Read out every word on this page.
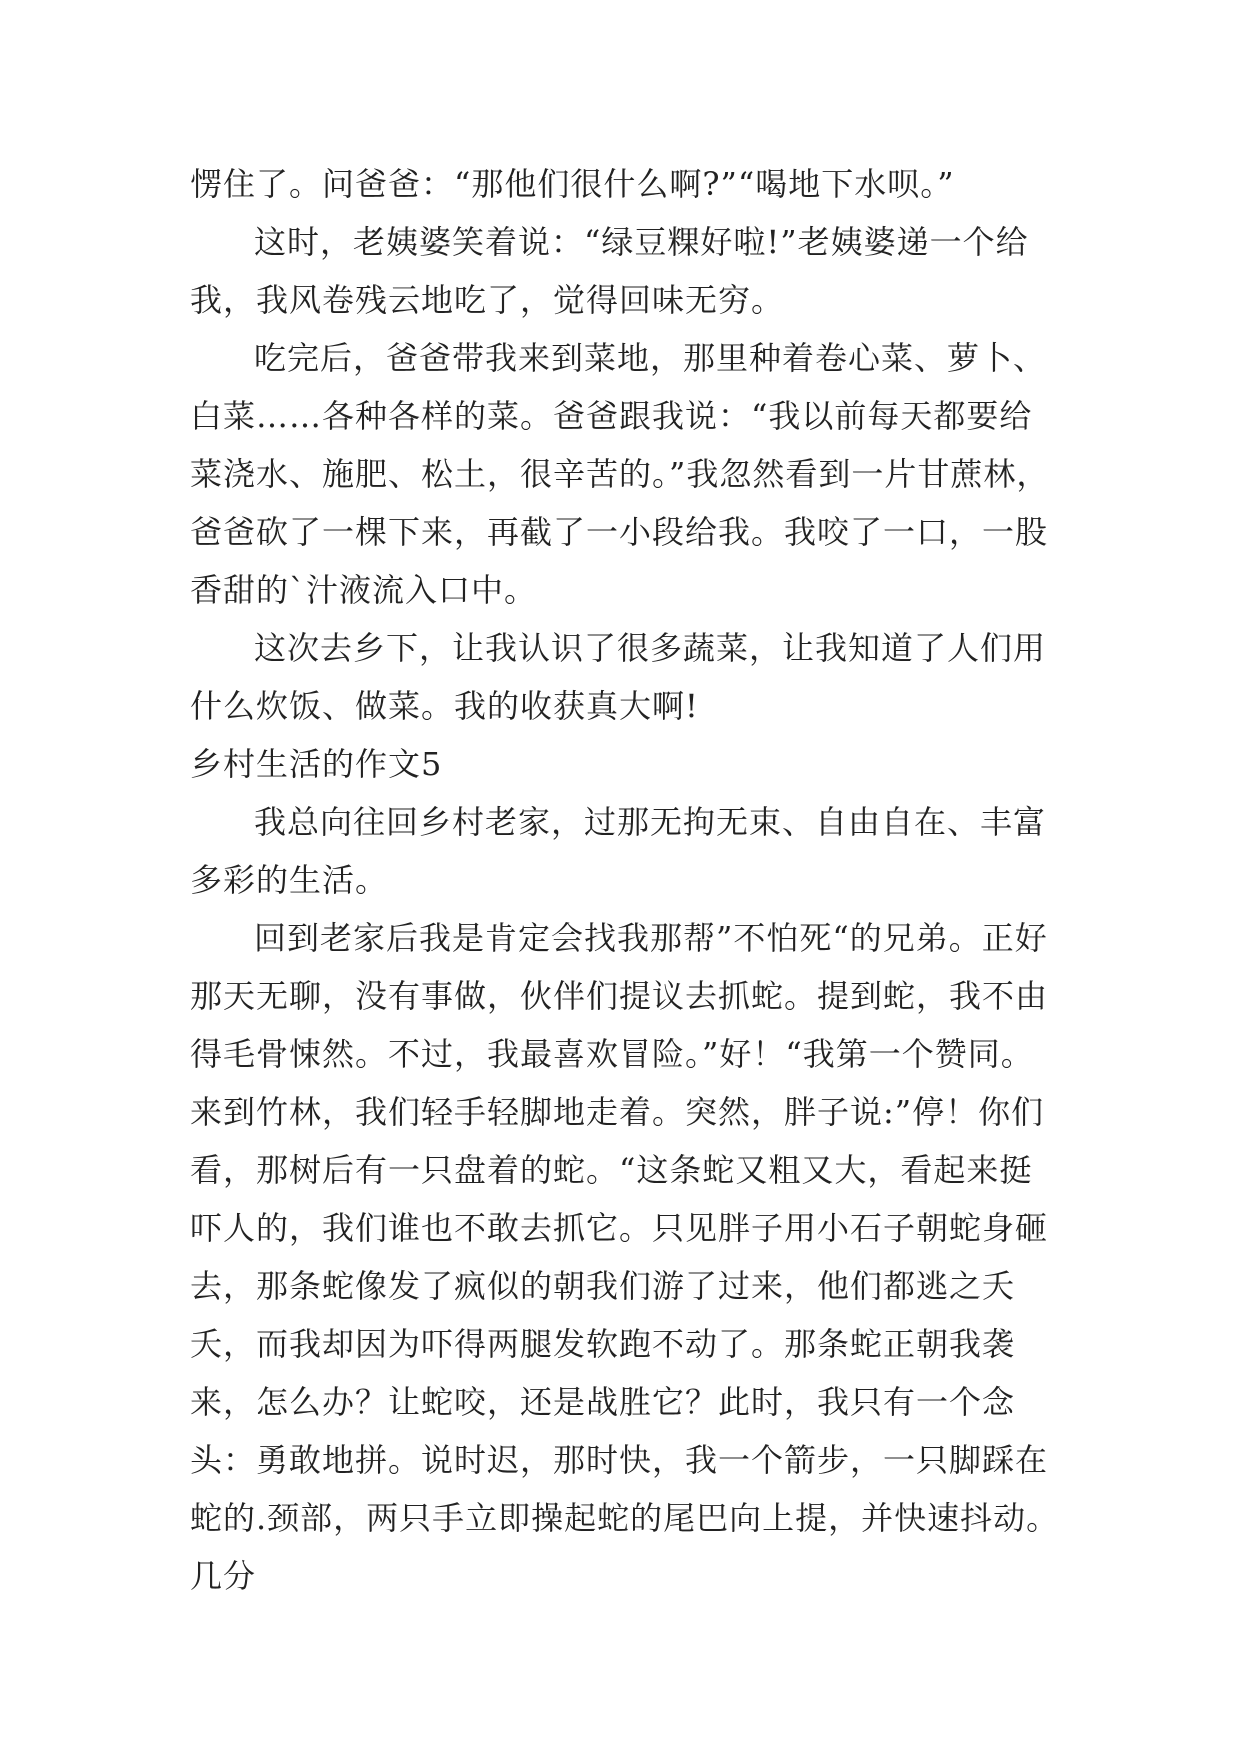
愣住了。问爸爸：“那他们很什么啊?”“喝地下水呗。”

这时，老姨婆笑着说：“绿豆粿好啦!”老姨婆递一个给我，我风卷残云地吃了，觉得回味无穷。

吃完后，爸爸带我来到菜地，那里种着卷心菜、萝卜、白菜……各种各样的菜。爸爸跟我说：“我以前每天都要给菜浇水、施肥、松土，很辛苦的。”我忽然看到一片甘蔗林，爸爸砍了一棵下来，再截了一小段给我。我咬了一口，一股香甜的`汁液流入口中。

这次去乡下，让我认识了很多蔬菜，让我知道了人们用什么炊饭、做菜。我的收获真大啊!

乡村生活的作文5

我总向往回乡村老家，过那无拘无束、自由自在、丰富多彩的生活。

回到老家后我是肯定会找我那帮”不怕死“的兄弟。正好那天无聊，没有事做，伙伴们提议去抓蛇。提到蛇，我不由得毛骨悚然。不过，我最喜欢冒险。”好！“我第一个赞同。来到竹林，我们轻手轻脚地走着。突然，胖子说:”停！你们看，那树后有一只盘着的蛇。“这条蛇又粗又大，看起来挺吓人的，我们谁也不敢去抓它。只见胖子用小石子朝蛇身砸去，那条蛇像发了疯似的朝我们游了过来，他们都逃之夭夭，而我却因为吓得两腿发软跑不动了。那条蛇正朝我袭来，怎么办？让蛇咬，还是战胜它？此时，我只有一个念头：勇敢地拼。说时迟，那时快，我一个箭步，一只脚踩在蛇的.颈部，两只手立即操起蛇的尾巴向上提，并快速抖动。几分
